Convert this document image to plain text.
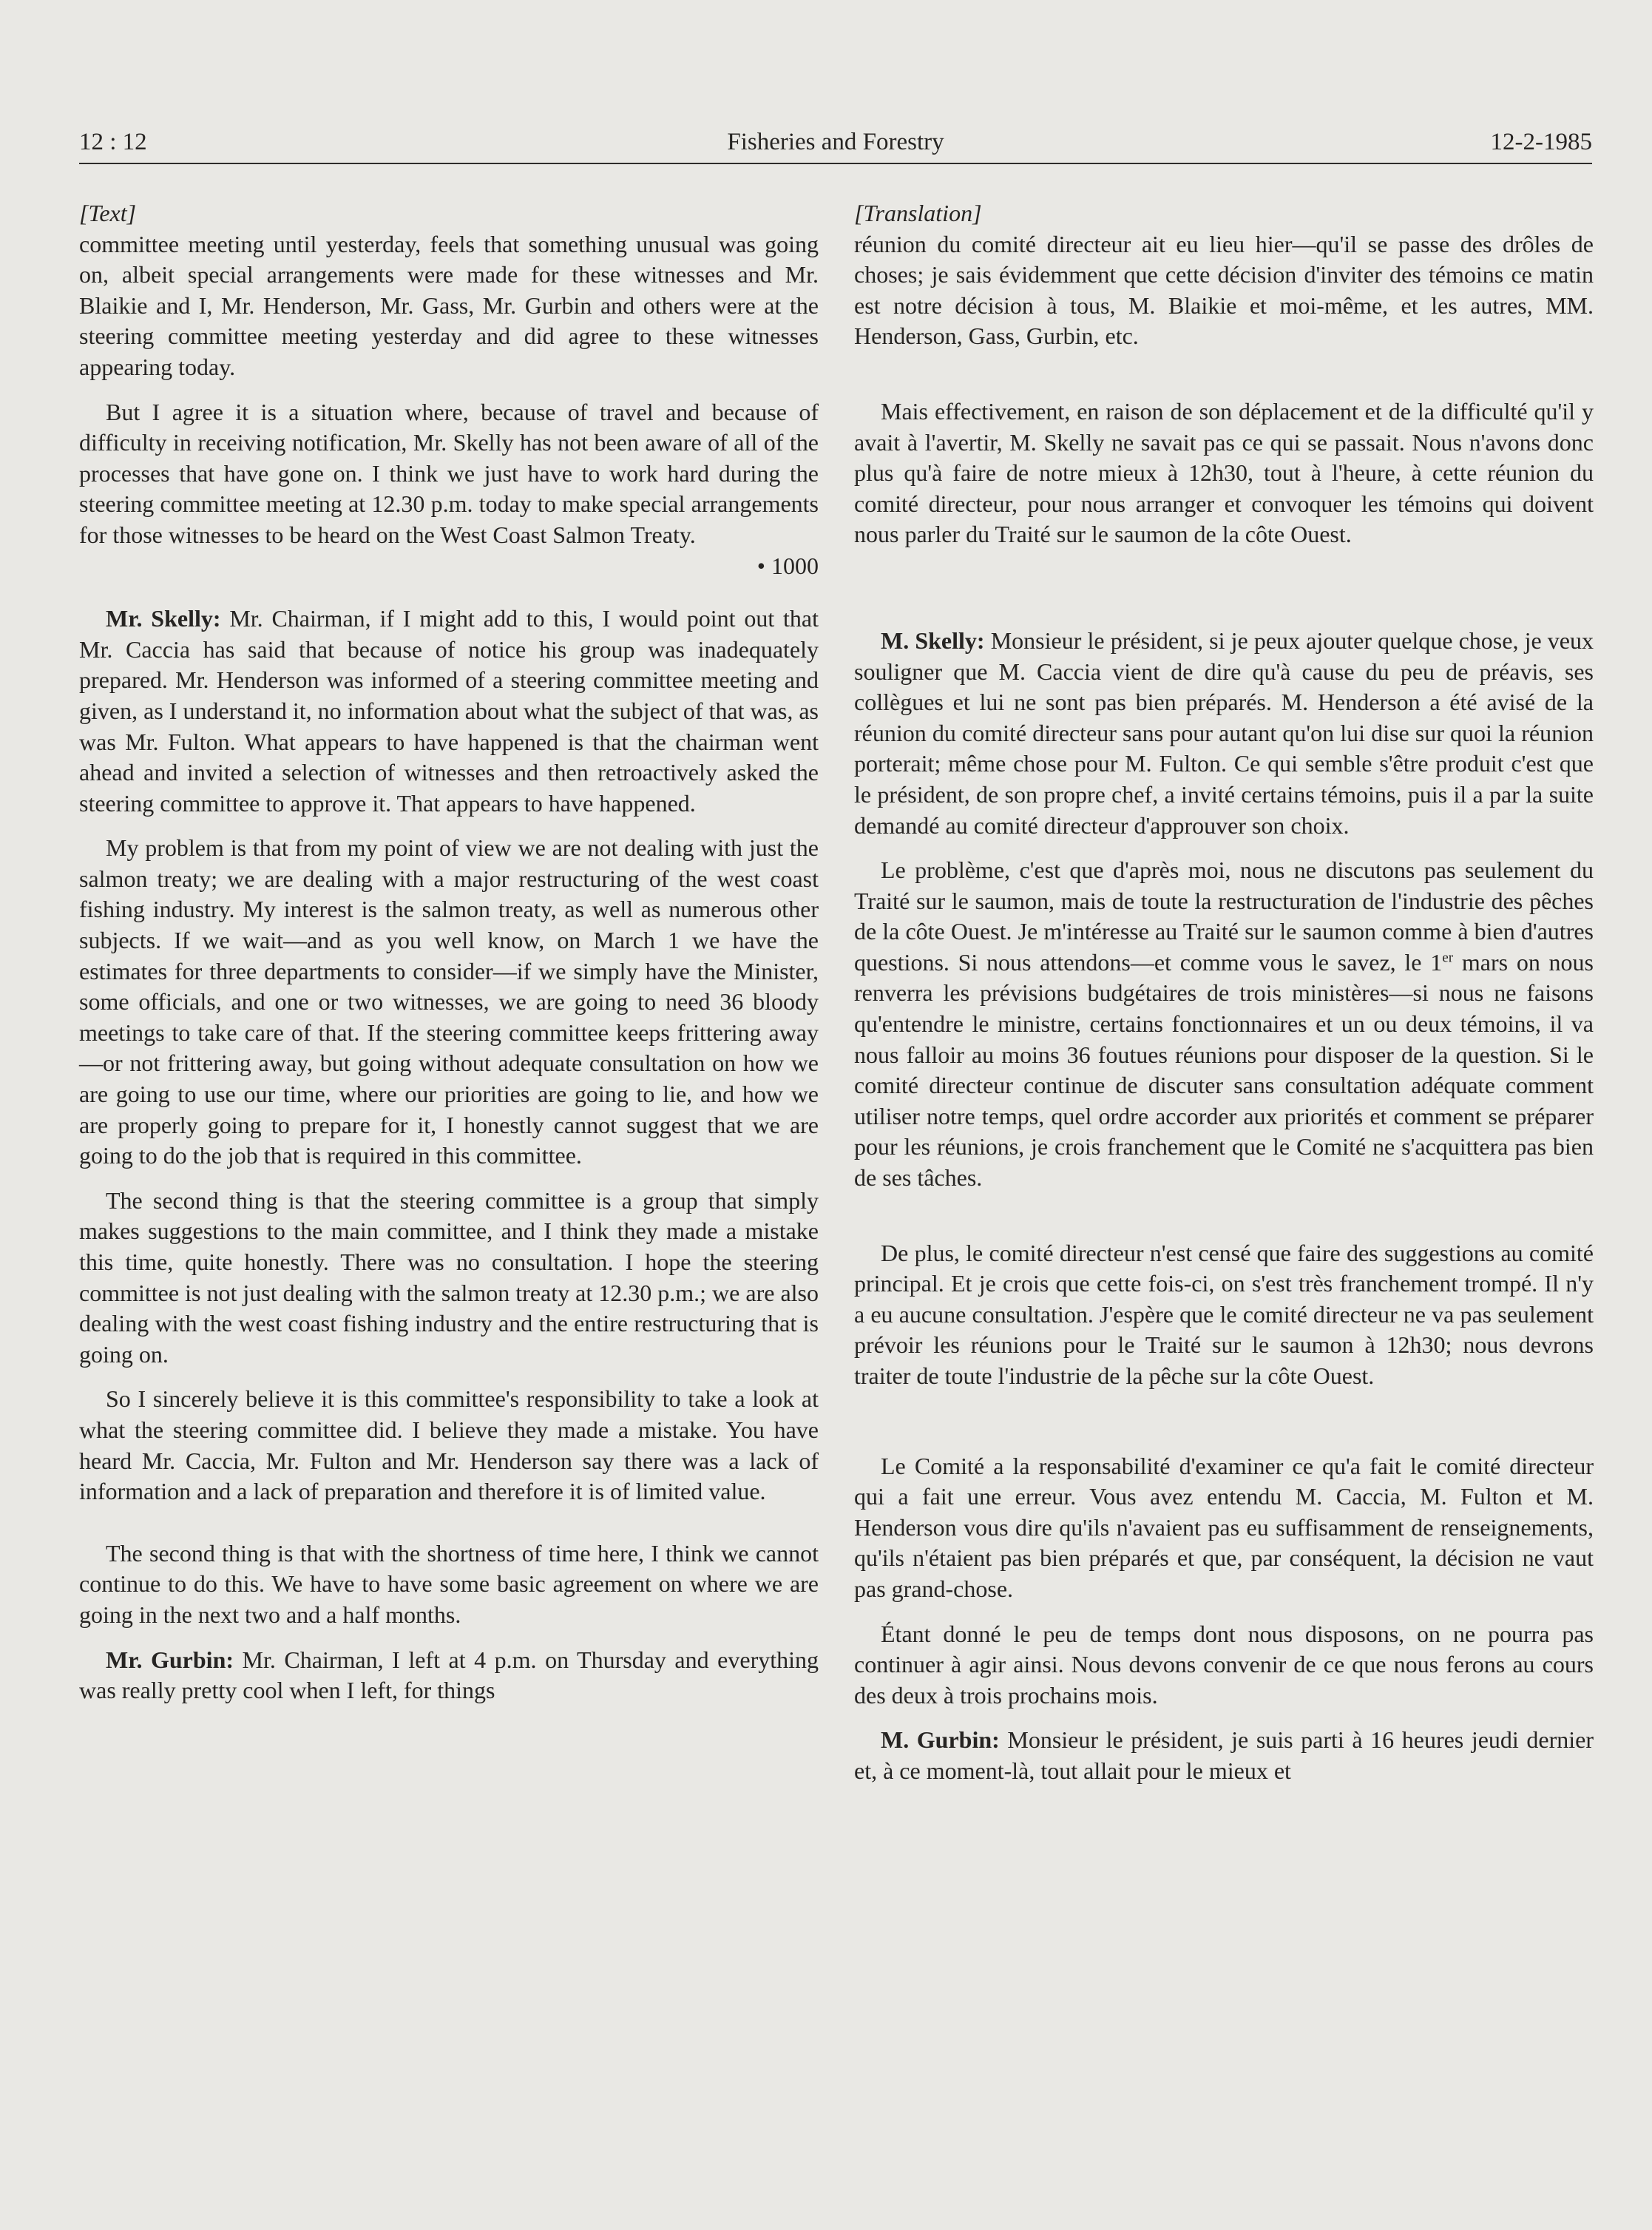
12 : 12	Fisheries and Forestry	12-2-1985

[Text]

committee meeting until yesterday, feels that something unusual was going on, albeit special arrangements were made for these witnesses and Mr. Blaikie and I, Mr. Henderson, Mr. Gass, Mr. Gurbin and others were at the steering committee meeting yesterday and did agree to these witnesses appearing today.

But I agree it is a situation where, because of travel and because of difficulty in receiving notification, Mr. Skelly has not been aware of all of the processes that have gone on. I think we just have to work hard during the steering committee meeting at 12.30 p.m. today to make special arrangements for those witnesses to be heard on the West Coast Salmon Treaty.

• 1000

Mr. Skelly: Mr. Chairman, if I might add to this, I would point out that Mr. Caccia has said that because of notice his group was inadequately prepared. Mr. Henderson was informed of a steering committee meeting and given, as I understand it, no information about what the subject of that was, as was Mr. Fulton. What appears to have happened is that the chairman went ahead and invited a selection of witnesses and then retroactively asked the steering committee to approve it. That appears to have happened.

My problem is that from my point of view we are not dealing with just the salmon treaty; we are dealing with a major restructuring of the west coast fishing industry. My interest is the salmon treaty, as well as numerous other subjects. If we wait—and as you well know, on March 1 we have the estimates for three departments to consider—if we simply have the Minister, some officials, and one or two witnesses, we are going to need 36 bloody meetings to take care of that. If the steering committee keeps frittering away—or not frittering away, but going without adequate consultation on how we are going to use our time, where our priorities are going to lie, and how we are properly going to prepare for it, I honestly cannot suggest that we are going to do the job that is required in this committee.

The second thing is that the steering committee is a group that simply makes suggestions to the main committee, and I think they made a mistake this time, quite honestly. There was no consultation. I hope the steering committee is not just dealing with the salmon treaty at 12.30 p.m.; we are also dealing with the west coast fishing industry and the entire restructuring that is going on.

So I sincerely believe it is this committee's responsibility to take a look at what the steering committee did. I believe they made a mistake. You have heard Mr. Caccia, Mr. Fulton and Mr. Henderson say there was a lack of information and a lack of preparation and therefore it is of limited value.

The second thing is that with the shortness of time here, I think we cannot continue to do this. We have to have some basic agreement on where we are going in the next two and a half months.

Mr. Gurbin: Mr. Chairman, I left at 4 p.m. on Thursday and everything was really pretty cool when I left, for things

[Translation]

réunion du comité directeur ait eu lieu hier—qu'il se passe des drôles de choses; je sais évidemment que cette décision d'inviter des témoins ce matin est notre décision à tous, M. Blaikie et moi-même, et les autres, MM. Henderson, Gass, Gurbin, etc.

Mais effectivement, en raison de son déplacement et de la difficulté qu'il y avait à l'avertir, M. Skelly ne savait pas ce qui se passait. Nous n'avons donc plus qu'à faire de notre mieux à 12h30, tout à l'heure, à cette réunion du comité directeur, pour nous arranger et convoquer les témoins qui doivent nous parler du Traité sur le saumon de la côte Ouest.

M. Skelly: Monsieur le président, si je peux ajouter quelque chose, je veux souligner que M. Caccia vient de dire qu'à cause du peu de préavis, ses collègues et lui ne sont pas bien préparés. M. Henderson a été avisé de la réunion du comité directeur sans pour autant qu'on lui dise sur quoi la réunion porterait; même chose pour M. Fulton. Ce qui semble s'être produit c'est que le président, de son propre chef, a invité certains témoins, puis il a par la suite demandé au comité directeur d'approuver son choix.

Le problème, c'est que d'après moi, nous ne discutons pas seulement du Traité sur le saumon, mais de toute la restructuration de l'industrie des pêches de la côte Ouest. Je m'intéresse au Traité sur le saumon comme à bien d'autres questions. Si nous attendons—et comme vous le savez, le 1er mars on nous renverra les prévisions budgétaires de trois ministères—si nous ne faisons qu'entendre le ministre, certains fonctionnaires et un ou deux témoins, il va nous falloir au moins 36 foutues réunions pour disposer de la question. Si le comité directeur continue de discuter sans consultation adéquate comment utiliser notre temps, quel ordre accorder aux priorités et comment se préparer pour les réunions, je crois franchement que le Comité ne s'acquittera pas bien de ses tâches.

De plus, le comité directeur n'est censé que faire des suggestions au comité principal. Et je crois que cette fois-ci, on s'est très franchement trompé. Il n'y a eu aucune consultation. J'espère que le comité directeur ne va pas seulement prévoir les réunions pour le Traité sur le saumon à 12h30; nous devrons traiter de toute l'industrie de la pêche sur la côte Ouest.

Le Comité a la responsabilité d'examiner ce qu'a fait le comité directeur qui a fait une erreur. Vous avez entendu M. Caccia, M. Fulton et M. Henderson vous dire qu'ils n'avaient pas eu suffisamment de renseignements, qu'ils n'étaient pas bien préparés et que, par conséquent, la décision ne vaut pas grand-chose.

Étant donné le peu de temps dont nous disposons, on ne pourra pas continuer à agir ainsi. Nous devons convenir de ce que nous ferons au cours des deux à trois prochains mois.

M. Gurbin: Monsieur le président, je suis parti à 16 heures jeudi dernier et, à ce moment-là, tout allait pour le mieux et
